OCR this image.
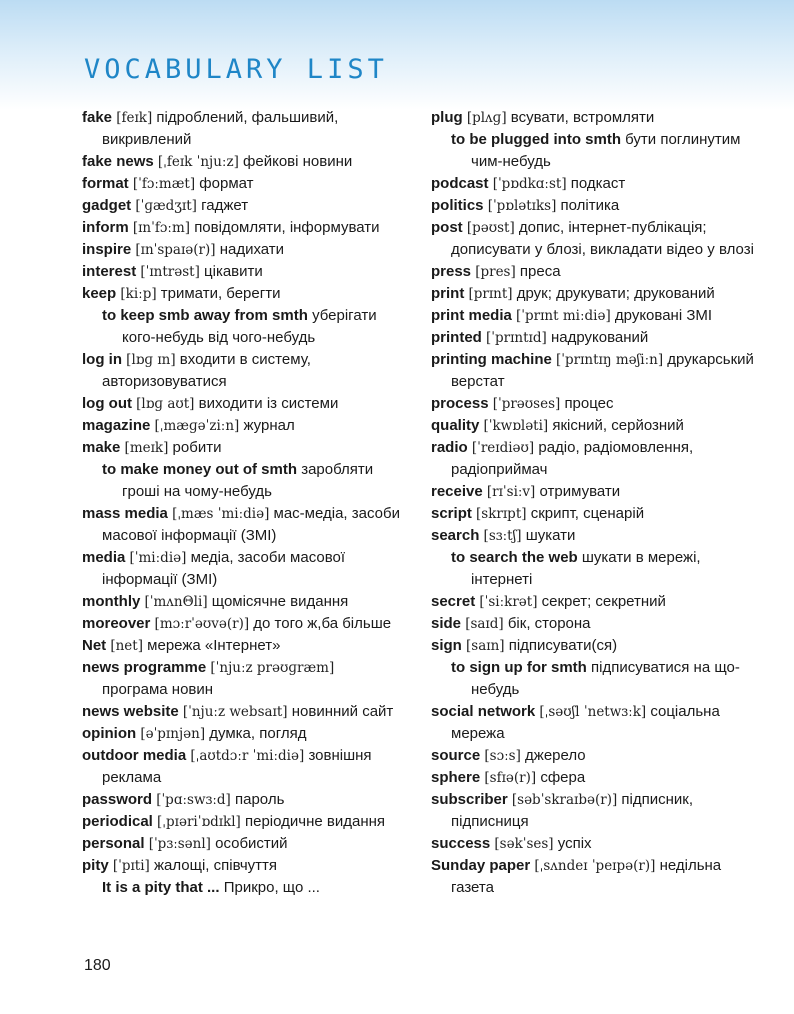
VOCABULARY LIST

fake [feɪk] підроблений, фальшивий, викривлений

fake news [ˌfeɪk ˈnjuːz] фейкові новини

format [ˈfɔːmæt] формат

gadget [ˈɡædʒɪt] гаджет

inform [ɪnˈfɔːm] повідомляти, інформувати

inspire [ɪnˈspaɪə(r)] надихати

interest [ˈɪntrəst] цікавити

keep [kiːp] тримати, берегти

to keep smb away from smth уберігати кого-небудь від чого-небудь

log in [lɒɡ ɪn] входити в систему, авторизовуватися

log out [lɒɡ aʊt] виходити із системи

magazine [ˌmæɡəˈziːn] журнал

make [meɪk] робити

to make money out of smth заробляти гроші на чому-небудь

mass media [ˌmæs ˈmiːdiə] мас-медіа, засоби масової інформації (ЗМІ)

media [ˈmiːdiə] медіа, засоби масової інформації (ЗМІ)

monthly [ˈmʌnΘli] щомісячне видання

moreover [mɔːrˈəʊvə(r)] до того ж,ба більше

Net [net] мережа «Інтернет»

news programme [ˈnjuːz prəʊɡræm] програма новин

news website [ˈnjuːz websaɪt] новинний сайт

opinion [əˈpɪnjən] думка, погляд

outdoor media [ˌaʊtdɔːr ˈmiːdiə] зовнішня реклама

password [ˈpɑːswɜːd] пароль

periodical [ˌpɪəriˈɒdɪkl] періодичне видання

personal [ˈpɜːsənl] особистий

pity [ˈpɪti] жалощі, співчуття

It is a pity that ... Прикро, що ...

plug [plʌɡ] всувати, встромляти

to be plugged into smth бути поглинутим чим-небудь

podcast [ˈpɒdkɑːst] подкаст

politics [ˈpɒlətɪks] політика

post [pəʊst] допис, інтернет-публікація; дописувати у блозі, викладати відео у влозі

press [pres] преса

print [prɪnt] друк; друкувати; друкований

print media [ˈprɪnt miːdiə] друковані ЗМІ

printed [ˈprɪntɪd] надрукований

printing machine [ˈprɪntɪŋ məʃiːn] друкарський верстат

process [ˈprəʊses] процес

quality [ˈkwɒləti] якісний, серйозний

radio [ˈreɪdiəʊ] радіо, радіомовлення, радіоприймач

receive [rɪˈsiːv] отримувати

script [skrɪpt] скрипт, сценарій

search [sɜːtʃ] шукати

to search the web шукати в мережі, інтернеті

secret [ˈsiːkrət] секрет; секретний

side [saɪd] бік, сторона

sign [saɪn] підписувати(ся)

to sign up for smth підписуватися на що-небудь

social network [ˌsəʊʃl ˈnetwɜːk] соціальна мережа

source [sɔːs] джерело

sphere [sfɪə(r)] сфера

subscriber [səbˈskraɪbə(r)] підписник, підписниця

success [səkˈses] успіх

Sunday paper [ˌsʌndeɪ ˈpeɪpə(r)] недільна газета

180
